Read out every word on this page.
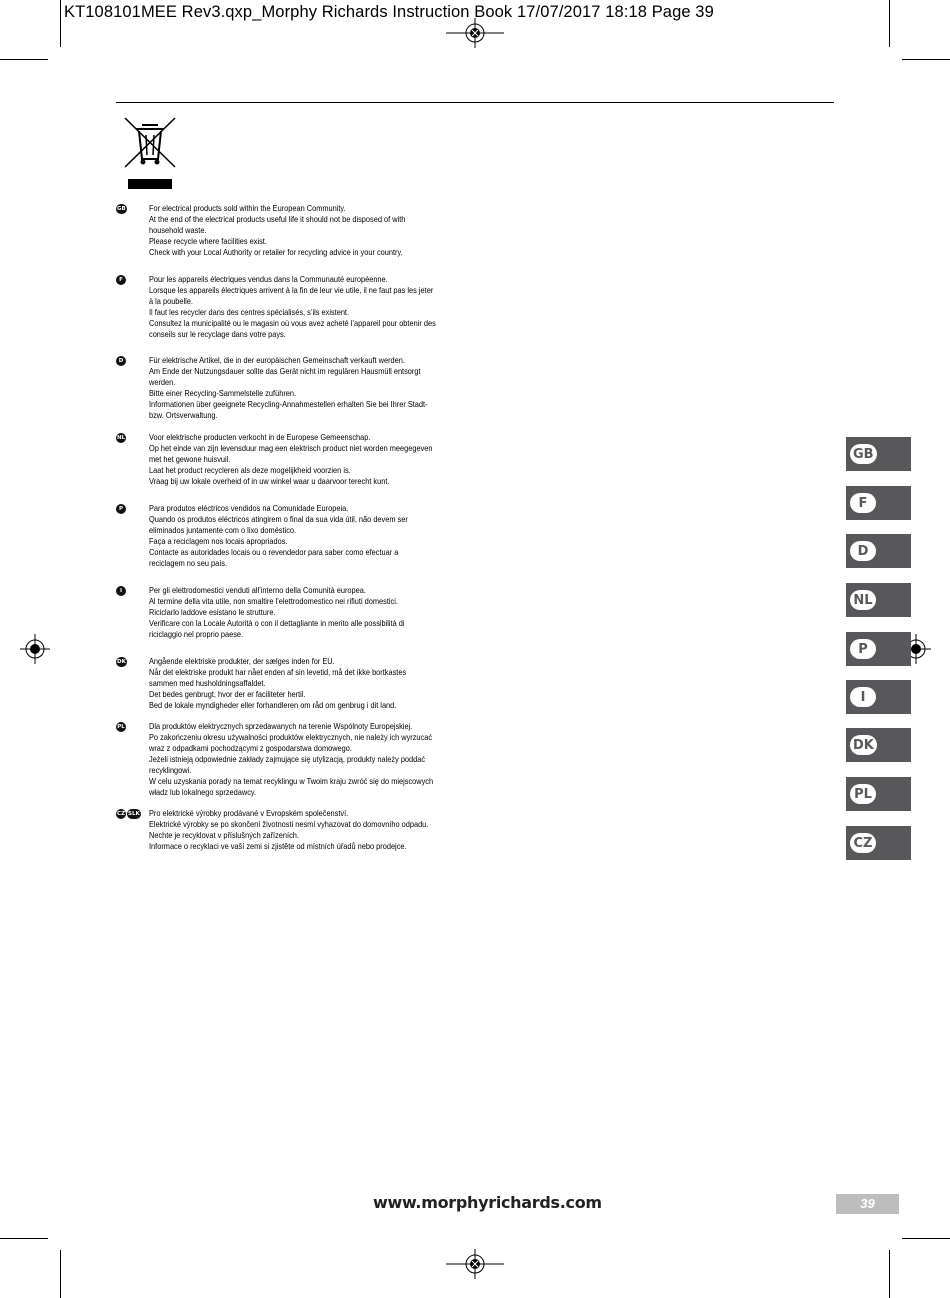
KT108101MEE Rev3.qxp_Morphy Richards Instruction Book 17/07/2017 18:18 Page 39
GB	For electrical products sold within the European Community.
At the end of the electrical products useful life it should not be disposed of with
household waste.
Please recycle where facilities exist.
Check with your Local Authority or retailer for recycling advice in your country.
F	Pour les appareils électriques vendus dans la Communauté européenne.
Lorsque les appareils électriques arrivent à la fin de leur vie utile, il ne faut pas les jeter
à la poubelle.
Il faut les recycler dans des centres spécialisés, s’ils existent.
Consultez la municipalité ou le magasin où vous avez acheté l’appareil pour obtenir des
conseils sur le recyclage dans votre pays.
D	Für elektrische Artikel, die in der europäischen Gemeinschaft verkauft werden.
Am Ende der Nutzungsdauer sollte das Gerät nicht im regulären Hausmüll entsorgt
werden.
Bitte einer Recycling-Sammelstelle zuführen.
Informationen über geeignete Recycling-Annahmestellen erhalten Sie bei Ihrer Stadt-
bzw. Ortsverwaltung.
NL	Voor elektrische producten verkocht in de Europese Gemeenschap.
Op het einde van zijn levensduur mag een elektrisch product niet worden meegegeven
met het gewone huisvuil.
Laat het product recycleren als deze mogelijkheid voorzien is.
Vraag bij uw lokale overheid of in uw winkel waar u daarvoor terecht kunt.
P	Para produtos eléctricos vendidos na Comunidade Europeia.
Quando os produtos eléctricos atingirem o final da sua vida útil, não devem ser
eliminados juntamente com o lixo doméstico.
Faça a reciclagem nos locais apropriados.
Contacte as autoridades locais ou o revendedor para saber como efectuar a
reciclagem no seu país.
I	Per gli elettrodomestici venduti all’interno della Comunità europea.
Al termine della vita utile, non smaltire l’elettrodomestico nei rifiuti domestici.
Riciclarlo laddove esistano le strutture.
Verificare con la Locale Autorità o con il dettagliante in merito alle possibilità di
riciclaggio nel proprio paese.
DK	Angående elektriske produkter, der sælges inden for EU.
Når det elektriske produkt har nået enden af sin levetid, må det ikke bortkastes
sammen med husholdningsaffaldet.
Det bedes genbrugt, hvor der er faciliteter hertil.
Bed de lokale myndigheder eller forhandleren om råd om genbrug i dit land.
PL	Dla produktów elektrycznych sprzedawanych na terenie Wspólnoty Europejskiej.
Po zakończeniu okresu używalności produktów elektrycznych, nie należy ich wyrzucać
wraz z odpadkami pochodzącymi z gospodarstwa domowego.
Jeżeli istnieją odpowiednie zakłady zajmujące się utylizacją, produkty należy poddać
recyklingowi.
W celu uzyskania porady na temat recyklingu w Twoim kraju zwróć się do miejscowych
władz lub lokalnego sprzedawcy.
CZ SLK Pro elektrické výrobky prodávané v Evropském společenství.
Elektrické výrobky se po skončení životnosti nesmí vyhazovat do domovního odpadu.
Nechte je recyklovat v příslušných zařízeních.
Informace o recyklaci ve vaší zemi si zjistěte od místních úřadů nebo prodejce.
GB
F
D
NL
P
I
DK
PL
CZ
www.morphyrichards.com	39
